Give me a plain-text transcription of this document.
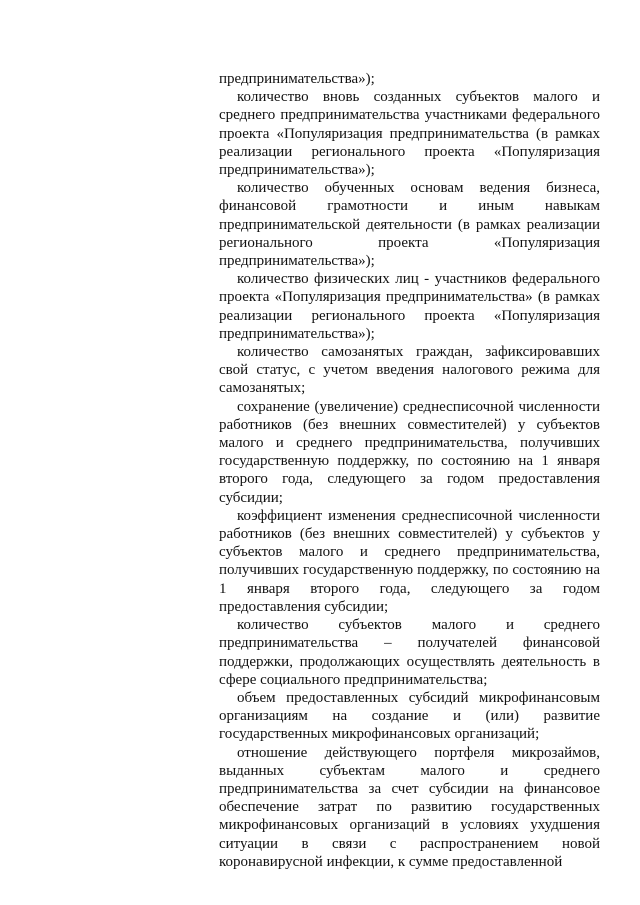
предпринимательства»);

количество вновь созданных субъектов малого и среднего предпринимательства участниками федерального проекта «Популяризация предпринимательства (в рамках реализации регионального проекта «Популяризация предпринимательства»);

количество обученных основам ведения бизнеса, финансовой грамотности и иным навыкам предпринимательской деятельности (в рамках реализации регионального проекта «Популяризация предпринимательства»);

количество физических лиц - участников федерального проекта «Популяризация предпринимательства» (в рамках реализации регионального проекта «Популяризация предпринимательства»);

количество самозанятых граждан, зафиксировавших свой статус, с учетом введения налогового режима для самозанятых;

сохранение (увеличение) среднесписочной численности работников (без внешних совместителей) у субъектов малого и среднего предпринимательства, получивших государственную поддержку, по состоянию на 1 января второго года, следующего за годом предоставления субсидии;

коэффициент изменения среднесписочной численности работников (без внешних совместителей) у субъектов у субъектов малого и среднего предпринимательства, получивших государственную поддержку, по состоянию на 1 января второго года, следующего за годом предоставления субсидии;

количество субъектов малого и среднего предпринимательства – получателей финансовой поддержки, продолжающих осуществлять деятельность в сфере социального предпринимательства;

объем предоставленных субсидий микрофинансовым организациям на создание и (или) развитие государственных микрофинансовых организаций;

отношение действующего портфеля микрозаймов, выданных субъектам малого и среднего предпринимательства за счет субсидии на финансовое обеспечение затрат по развитию государственных микрофинансовых организаций в условиях ухудшения ситуации в связи с распространением новой коронавирусной инфекции, к сумме предоставленной
